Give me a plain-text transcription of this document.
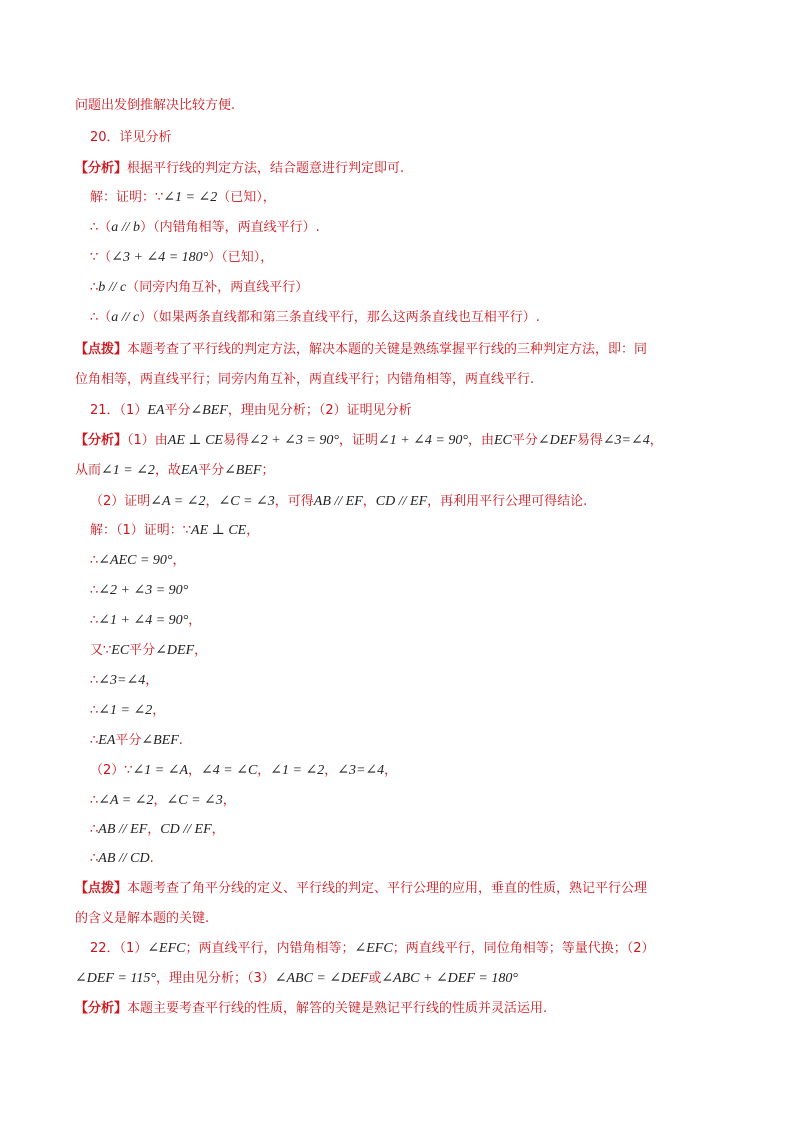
问题出发倒推解决比较方便.
20．详见分析
【分析】根据平行线的判定方法，结合题意进行判定即可.
解：证明：∵∠1 = ∠2（已知），
∴（a // b）（内错角相等，两直线平行）.
∵（∠3 + ∠4 = 180°）（已知），
∴b // c（同旁内角互补，两直线平行）
∴（a // c）（如果两条直线都和第三条直线平行，那么这两条直线也互相平行）.
【点拨】本题考查了平行线的判定方法，解决本题的关键是熟练掌握平行线的三种判定方法，即：同
位角相等，两直线平行；同旁内角互补，两直线平行；内错角相等，两直线平行.
21．（1）EA平分∠BEF，理由见分析；（2）证明见分析
【分析】（1）由AE ⊥ CE易得∠2 + ∠3 = 90°，证明∠1 + ∠4 = 90°，由EC平分∠DEF易得∠3=∠4，
从而∠1 = ∠2，故EA平分∠BEF；
（2）证明∠A = ∠2，∠C = ∠3，可得AB // EF，CD // EF，再利用平行公理可得结论.
解：（1）证明：∵AE ⊥ CE，
∴∠AEC = 90°，
∴∠2 + ∠3 = 90°
∴∠1 + ∠4 = 90°，
又∵EC平分∠DEF，
∴∠3=∠4，
∴∠1 = ∠2，
∴EA平分∠BEF.
（2）∵∠1 = ∠A，∠4 = ∠C，∠1 = ∠2，∠3=∠4，
∴∠A = ∠2，∠C = ∠3，
∴AB // EF，CD // EF，
∴AB // CD.
【点拨】本题考查了角平分线的定义、平行线的判定、平行公理的应用，垂直的性质，熟记平行公理
的含义是解本题的关键.
22．（1）∠EFC；两直线平行，内错角相等；∠EFC；两直线平行，同位角相等；等量代换；（2）
∠DEF = 115°，理由见分析；（3）∠ABC = ∠DEF或∠ABC + ∠DEF = 180°
【分析】本题主要考查平行线的性质，解答的关键是熟记平行线的性质并灵活运用.
